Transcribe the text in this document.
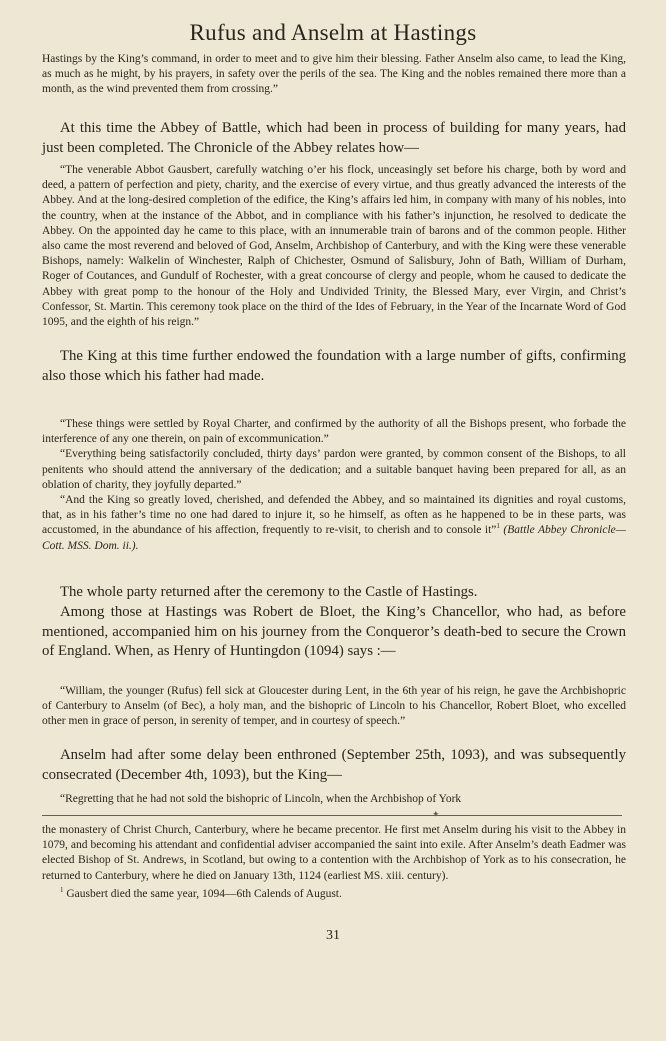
Rufus and Anselm at Hastings

Hastings by the King’s command, in order to meet and to give him their blessing. Father Anselm also came, to lead the King, as much as he might, by his prayers, in safety over the perils of the sea. The King and the nobles remained there more than a month, as the wind prevented them from crossing.”

At this time the Abbey of Battle, which had been in process of building for many years, had just been completed. The Chronicle of the Abbey relates how—

“The venerable Abbot Gausbert, carefully watching o’er his flock, unceasingly set before his charge, both by word and deed, a pattern of perfection and piety, charity, and the exercise of every virtue, and thus greatly advanced the interests of the Abbey. And at the long-desired completion of the edifice, the King’s affairs led him, in company with many of his nobles, into the country, when at the instance of the Abbot, and in compliance with his father’s injunction, he resolved to dedicate the Abbey. On the appointed day he came to this place, with an innumerable train of barons and of the common people. Hither also came the most reverend and beloved of God, Anselm, Archbishop of Canterbury, and with the King were these venerable Bishops, namely: Walkelin of Winchester, Ralph of Chichester, Osmund of Salisbury, John of Bath, William of Durham, Roger of Coutances, and Gundulf of Rochester, with a great concourse of clergy and people, whom he caused to dedicate the Abbey with great pomp to the honour of the Holy and Undivided Trinity, the Blessed Mary, ever Virgin, and Christ’s Confessor, St. Martin. This ceremony took place on the third of the Ides of February, in the Year of the Incarnate Word of God 1095, and the eighth of his reign.”

The King at this time further endowed the foundation with a large number of gifts, confirming also those which his father had made.

“These things were settled by Royal Charter, and confirmed by the authority of all the Bishops present, who forbade the interference of any one therein, on pain of excommunication.”

“Everything being satisfactorily concluded, thirty days’ pardon were granted, by common consent of the Bishops, to all penitents who should attend the anniversary of the dedication; and a suitable banquet having been prepared for all, as an oblation of charity, they joyfully departed.”

“And the King so greatly loved, cherished, and defended the Abbey, and so maintained its dignities and royal customs, that, as in his father’s time no one had dared to injure it, so he himself, as often as he happened to be in these parts, was accustomed, in the abundance of his affection, frequently to re-visit, to cherish and to console it”$^1$ (Battle Abbey Chronicle—Cott. MSS. Dom. ii.).

The whole party returned after the ceremony to the Castle of Hastings.

Among those at Hastings was Robert de Bloet, the King’s Chancellor, who had, as before mentioned, accompanied him on his journey from the Conqueror’s death-bed to secure the Crown of England. When, as Henry of Huntingdon (1094) says :—

“William, the younger (Rufus) fell sick at Gloucester during Lent, in the 6th year of his reign, he gave the Archbishopric of Canterbury to Anselm (of Bec), a holy man, and the bishopric of Lincoln to his Chancellor, Robert Bloet, who excelled other men in grace of person, in serenity of temper, and in courtesy of speech.”

Anselm had after some delay been enthroned (September 25th, 1093), and was subsequently consecrated (December 4th, 1093), but the King—

“Regretting that he had not sold the bishopric of Lincoln, when the Archbishop of York

✦

the monastery of Christ Church, Canterbury, where he became precentor. He first met Anselm during his visit to the Abbey in 1079, and becoming his attendant and confidential adviser accompanied the saint into exile. After Anselm’s death Eadmer was elected Bishop of St. Andrews, in Scotland, but owing to a contention with the Archbishop of York as to his consecration, he returned to Canterbury, where he died on January 13th, 1124 (earliest MS. xiii. century).

$^1$ Gausbert died the same year, 1094—6th Calends of August.

31
